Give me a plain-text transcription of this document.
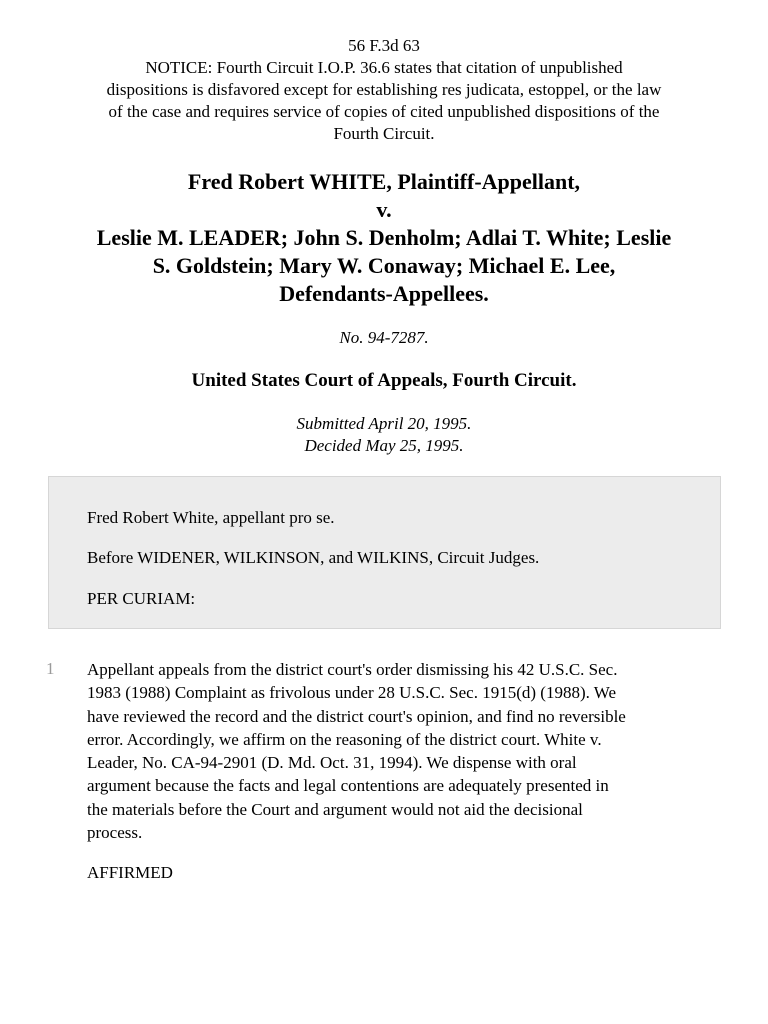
56 F.3d 63
NOTICE: Fourth Circuit I.O.P. 36.6 states that citation of unpublished
dispositions is disfavored except for establishing res judicata, estoppel, or the law
of the case and requires service of copies of cited unpublished dispositions of the
Fourth Circuit.
Fred Robert WHITE, Plaintiff-Appellant,
v.
Leslie M. LEADER; John S. Denholm; Adlai T. White; Leslie
S. Goldstein; Mary W. Conaway; Michael E. Lee,
Defendants-Appellees.
No. 94-7287.
United States Court of Appeals, Fourth Circuit.
Submitted April 20, 1995.
Decided May 25, 1995.
Fred Robert White, appellant pro se.
Before WIDENER, WILKINSON, and WILKINS, Circuit Judges.
PER CURIAM:
1 Appellant appeals from the district court's order dismissing his 42 U.S.C. Sec.
1983 (1988) Complaint as frivolous under 28 U.S.C. Sec. 1915(d) (1988). We
have reviewed the record and the district court's opinion, and find no reversible
error. Accordingly, we affirm on the reasoning of the district court. White v.
Leader, No. CA-94-2901 (D. Md. Oct. 31, 1994). We dispense with oral
argument because the facts and legal contentions are adequately presented in
the materials before the Court and argument would not aid the decisional
process.
AFFIRMED
